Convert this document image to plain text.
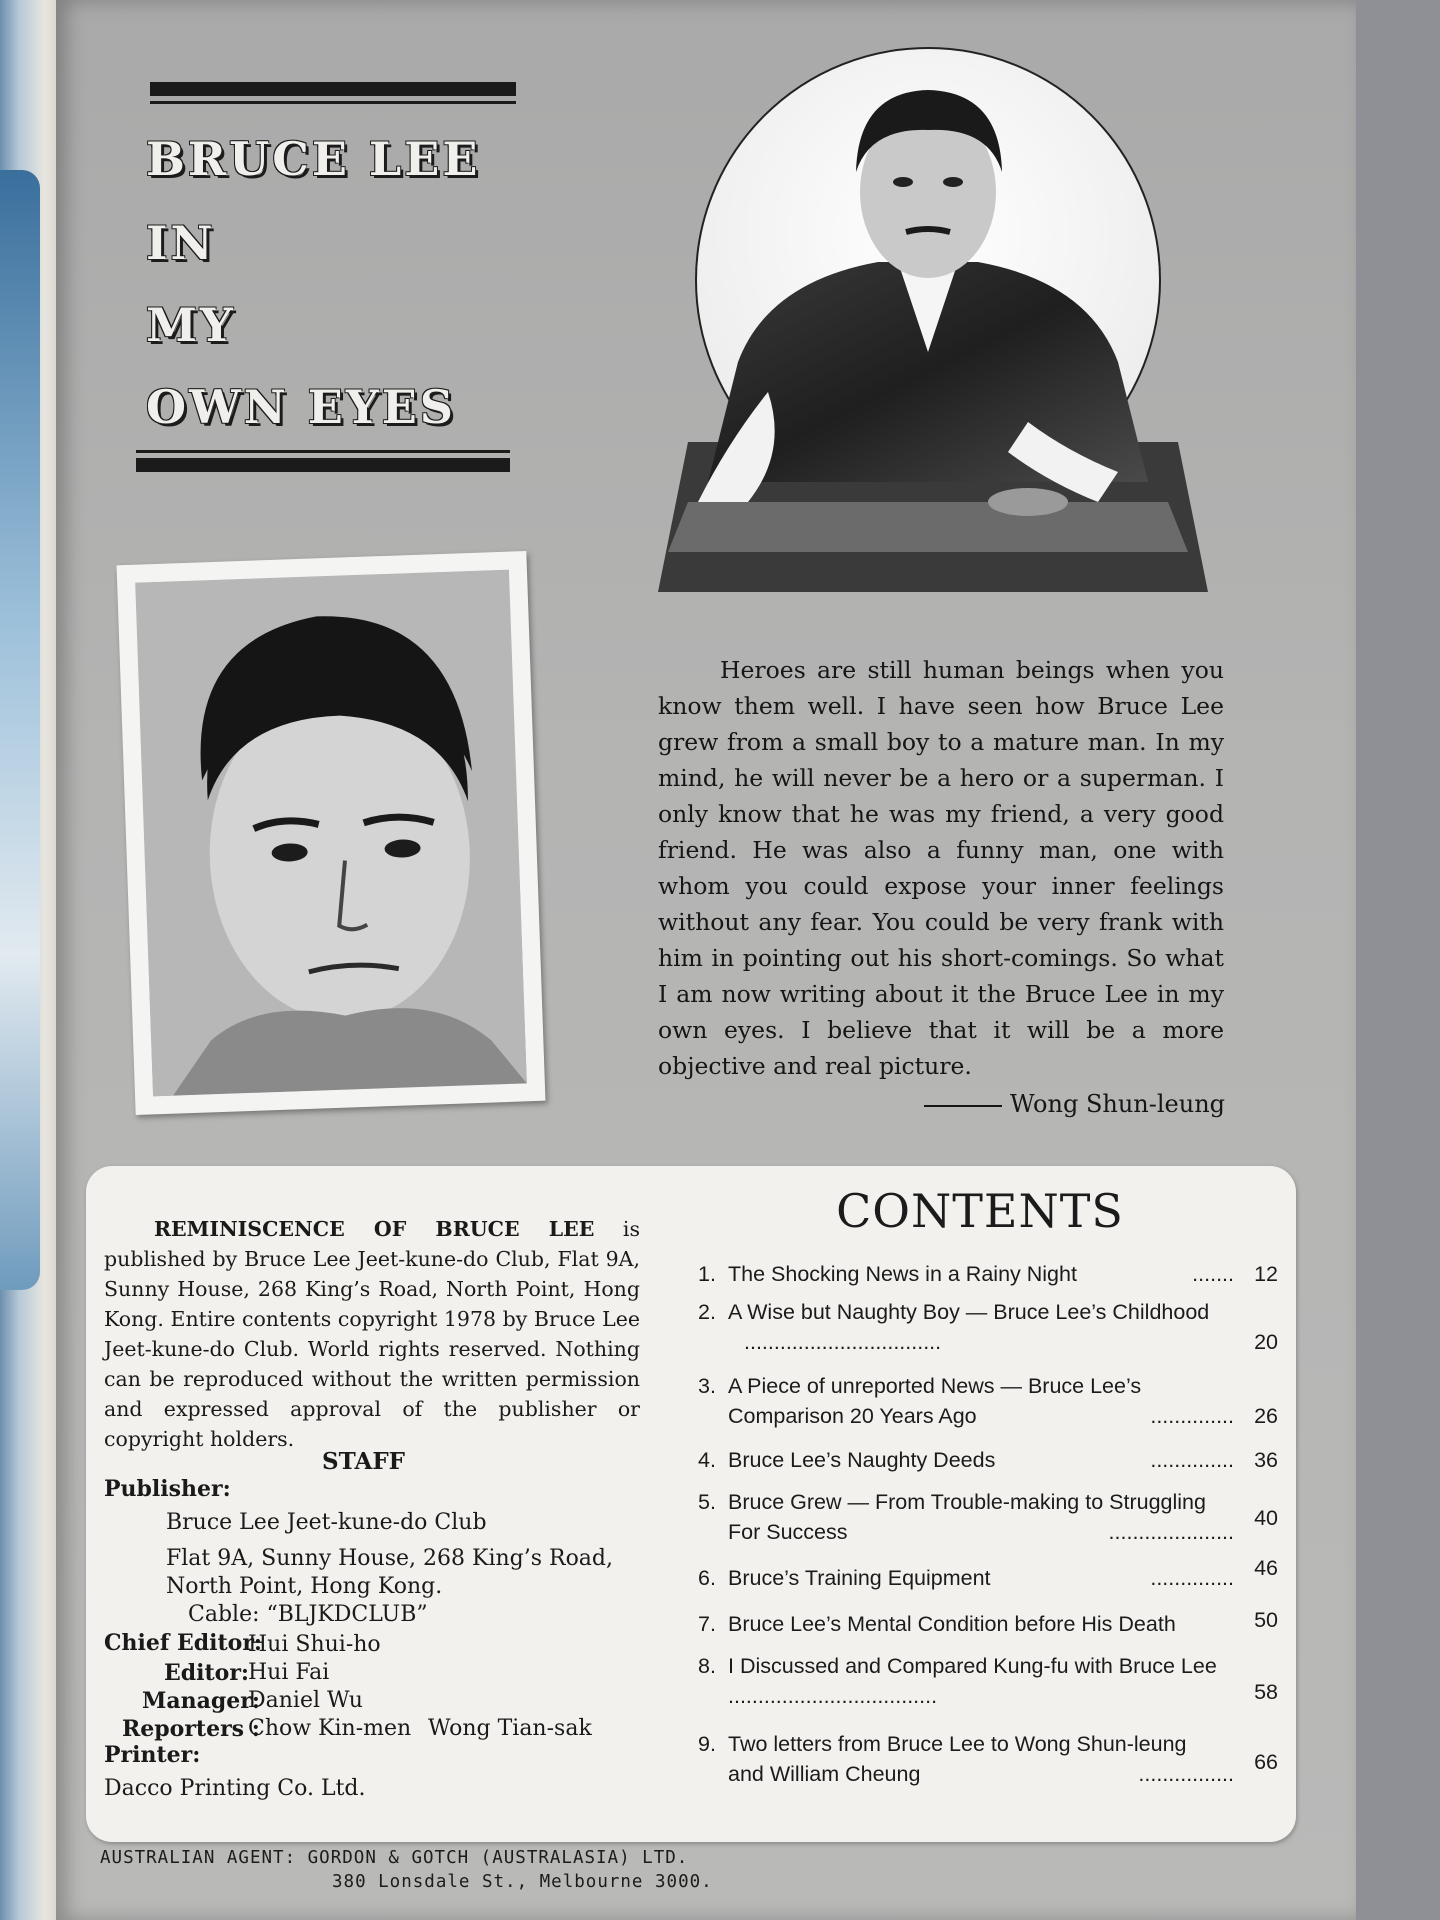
BRUCE LEE
IN
MY
OWN EYES

Heroes are still human beings when you know them well. I have seen how Bruce Lee grew from a small boy to a mature man. In my mind, he will never be a hero or a superman. I only know that he was my friend, a very good friend. He was also a funny man, one with whom you could expose your inner feelings without any fear. You could be very frank with him in pointing out his short-comings. So what I am now writing about it the Bruce Lee in my own eyes. I believe that it will be a more objective and real picture.

Wong Shun-leung
REMINISCENCE OF BRUCE LEE is published by Bruce Lee Jeet-kune-do Club, Flat 9A, Sunny House, 268 King’s Road, North Point, Hong Kong. Entire contents copyright 1978 by Bruce Lee Jeet-kune-do Club. World rights reserved. Nothing can be reproduced without the written permission and expressed approval of the publisher or copyright holders.
STAFF
Publisher:
Bruce Lee Jeet-kune-do Club
Flat 9A, Sunny House, 268 King’s Road,
North Point, Hong Kong.
Cable: “BLJKDCLUB”
Chief Editor:
Hui Shui-ho
Editor:
Hui Fai
Manager:
Daniel Wu
Reporters :
Chow Kin-men Wong Tian-sak
Printer:
Dacco Printing Co. Ltd.
CONTENTS
1. The Shocking News in a Rainy Night	....... 12
2. A Wise but Naughty Boy — Bruce Lee’s Childhood
.................................	20
3. A Piece of unreported News — Bruce Lee’s
Comparison 20 Years Ago	.............. 26
4. Bruce Lee’s Naughty Deeds	.............. 36
5. Bruce Grew — From Trouble-making to Struggling
For Success	.....................
40
6. Bruce’s Training Equipment	.............. 46
7. Bruce Lee’s Mental Condition before His Death	50
8. I Discussed and Compared Kung-fu with Bruce Lee
...................................	58
9. Two letters from Bruce Lee to Wong Shun-leung
and William Cheung	................ 66
AUSTRALIAN AGENT: GORDON & GOTCH (AUSTRALASIA) LTD.
380 Lonsdale St., Melbourne 3000.
